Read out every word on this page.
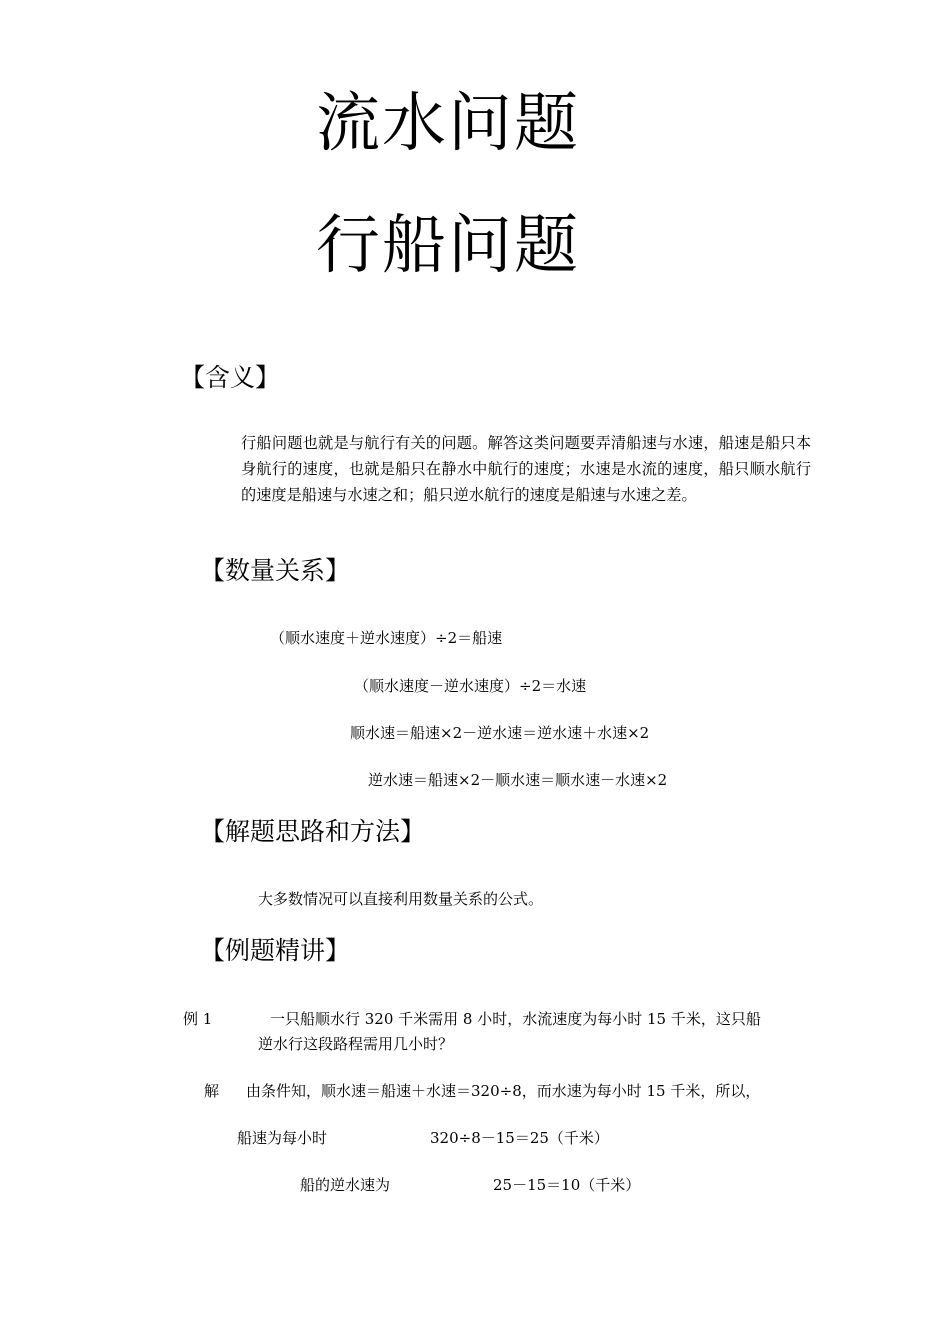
流水问题
行船问题
【含义】
行船问题也就是与航行有关的问题。解答这类问题要弄清船速与水速，船速是船只本身航行的速度，也就是船只在静水中航行的速度；水速是水流的速度，船只顺水航行的速度是船速与水速之和；船只逆水航行的速度是船速与水速之差。
【数量关系】
（顺水速度＋逆水速度）÷2＝船速
（顺水速度－逆水速度）÷2＝水速
顺水速＝船速×2－逆水速＝逆水速＋水速×2
逆水速＝船速×2－顺水速＝顺水速－水速×2
【解题思路和方法】
大多数情况可以直接利用数量关系的公式。
【例题精讲】
例 1	一只船顺水行 320 千米需用 8 小时，水流速度为每小时 15 千米，这只船
逆水行这段路程需用几小时？
解 由条件知，顺水速＝船速＋水速＝320÷8，而水速为每小时 15 千米，所以，
船速为每小时	320÷8－15＝25（千米）
船的逆水速为	25－15＝10（千米）
